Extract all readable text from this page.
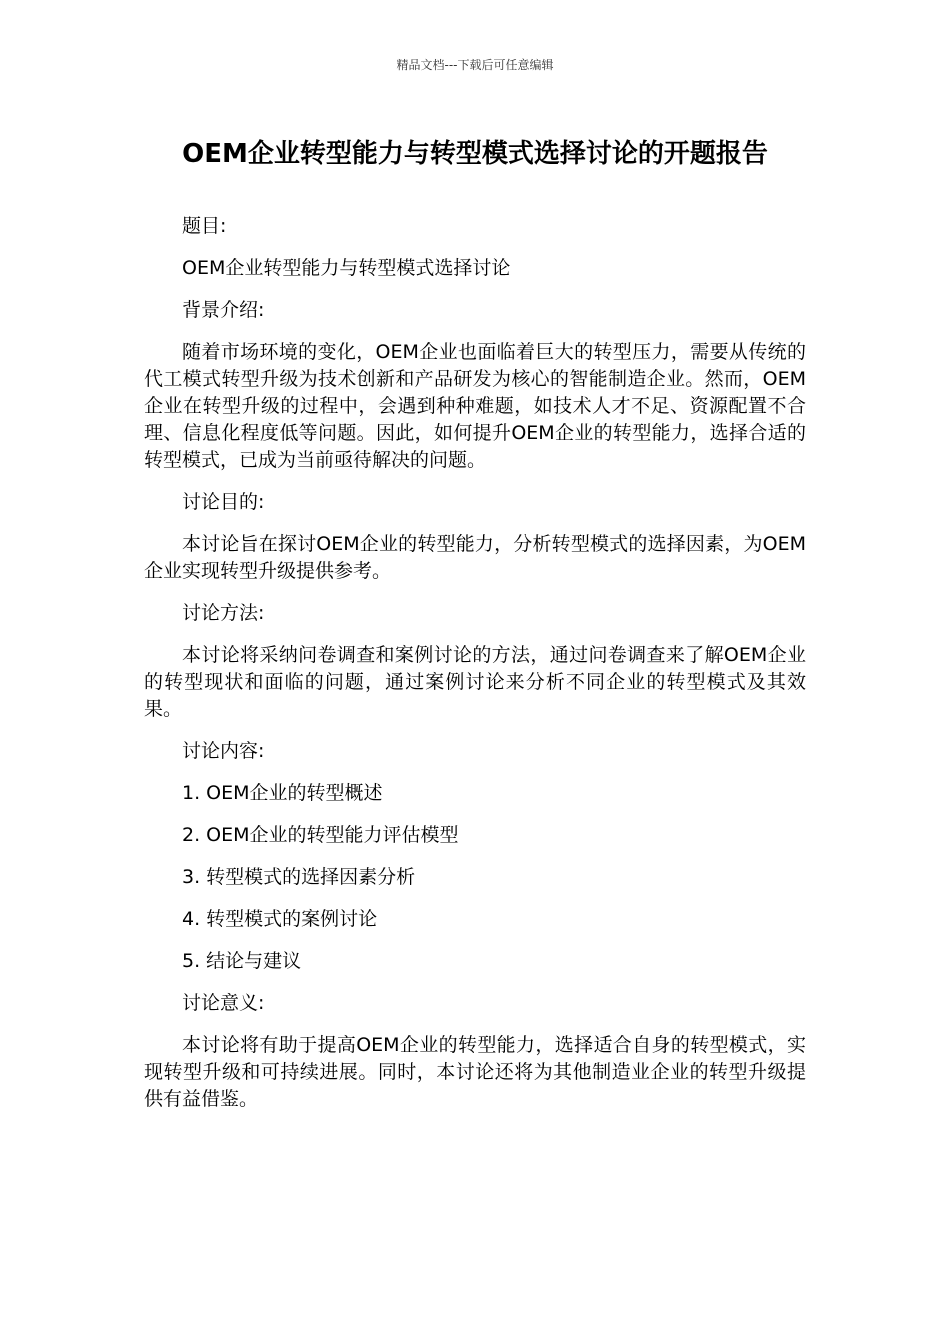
精品文档---下载后可任意编辑
OEM企业转型能力与转型模式选择讨论的开题报告

题目:

OEM企业转型能力与转型模式选择讨论

背景介绍:

随着市场环境的变化，OEM企业也面临着巨大的转型压力，需要从传统的代工模式转型升级为技术创新和产品研发为核心的智能制造企业。然而，OEM企业在转型升级的过程中，会遇到种种难题，如技术人才不足、资源配置不合理、信息化程度低等问题。因此，如何提升OEM企业的转型能力，选择合适的转型模式，已成为当前亟待解决的问题。

讨论目的:

本讨论旨在探讨OEM企业的转型能力，分析转型模式的选择因素，为OEM企业实现转型升级提供参考。

讨论方法:

本讨论将采纳问卷调查和案例讨论的方法，通过问卷调查来了解OEM企业的转型现状和面临的问题，通过案例讨论来分析不同企业的转型模式及其效果。

讨论内容:

1. OEM企业的转型概述

2. OEM企业的转型能力评估模型

3. 转型模式的选择因素分析

4. 转型模式的案例讨论

5. 结论与建议

讨论意义:

本讨论将有助于提高OEM企业的转型能力，选择适合自身的转型模式，实现转型升级和可持续进展。同时，本讨论还将为其他制造业企业的转型升级提供有益借鉴。
